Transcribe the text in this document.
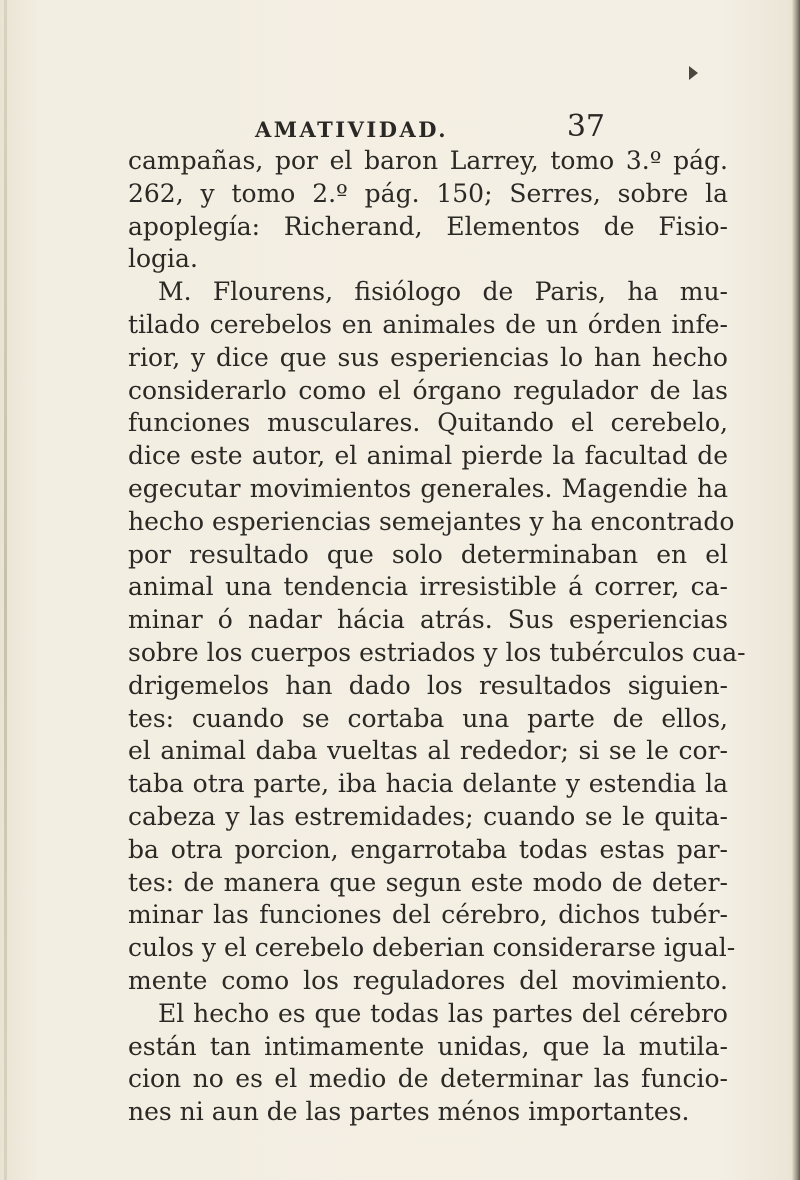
AMATIVIDAD.	37
campañas, por el baron Larrey, tomo 3.º pág.
262, y tomo 2.º pág. 150; Serres, sobre la
apoplegía: Richerand, Elementos de Fisio-
logia.
M. Flourens, fisiólogo de Paris, ha mu-
tilado cerebelos en animales de un órden infe-
rior, y dice que sus esperiencias lo han hecho
considerarlo como el órgano regulador de las
funciones musculares. Quitando el cerebelo,
dice este autor, el animal pierde la facultad de
egecutar movimientos generales. Magendie ha
hecho esperiencias semejantes y ha encontrado
por resultado que solo determinaban en el
animal una tendencia irresistible á correr, ca-
minar ó nadar hácia atrás. Sus esperiencias
sobre los cuerpos estriados y los tubérculos cua-
drigemelos han dado los resultados siguien-
tes: cuando se cortaba una parte de ellos,
el animal daba vueltas al rededor; si se le cor-
taba otra parte, iba hacia delante y estendia la
cabeza y las estremidades; cuando se le quita-
ba otra porcion, engarrotaba todas estas par-
tes: de manera que segun este modo de deter-
minar las funciones del cérebro, dichos tubér-
culos y el cerebelo deberian considerarse igual-
mente como los reguladores del movimiento.
El hecho es que todas las partes del cérebro
están tan intimamente unidas, que la mutila-
cion no es el medio de determinar las funcio-
nes ni aun de las partes ménos importantes.
